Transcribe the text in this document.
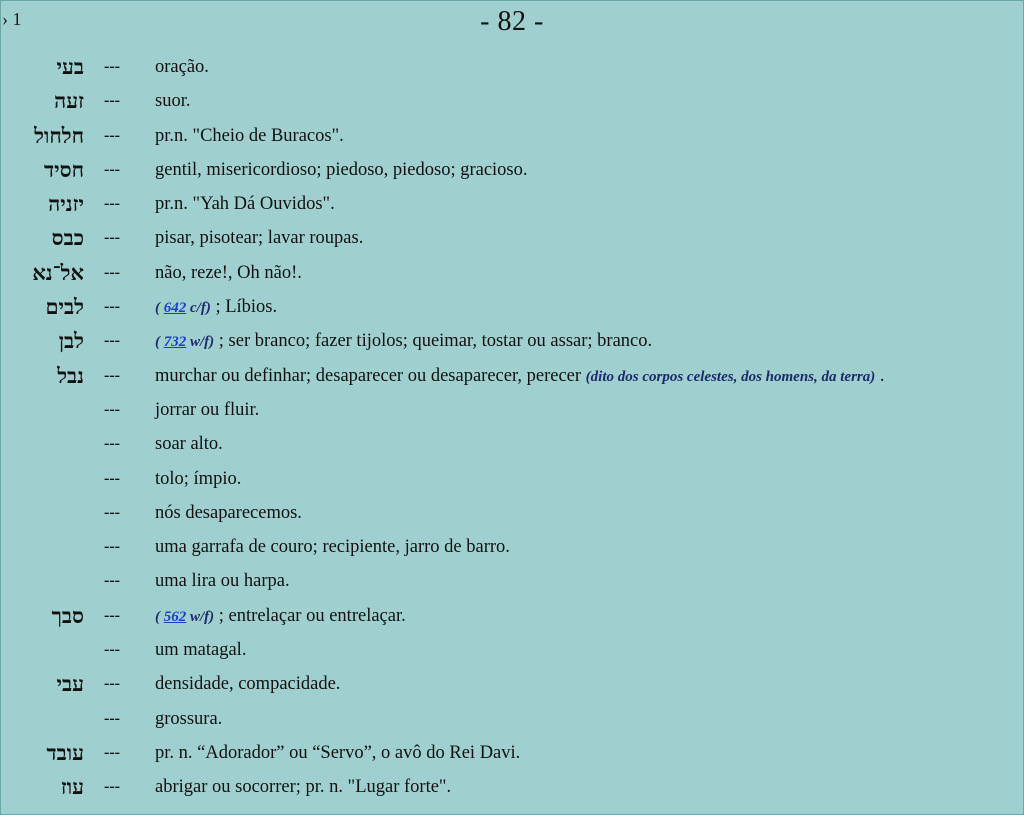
› 1	- 82 -
בעי --- oração.
זעה --- suor.
חלחול --- pr.n. "Cheio de Buracos".
חסיד --- gentil, misericordioso; piedoso, piedoso; gracioso.
יזניה --- pr.n. "Yah Dá Ouvidos".
כבס --- pisar, pisotear; lavar roupas.
אל־נא --- não, reze!, Oh não!.
לבים --- ( 642 c/f) ; Líbios.
לבן --- ( 732 w/f) ; ser branco; fazer tijolos; queimar, tostar ou assar; branco.
נבל --- murchar ou definhar; desaparecer ou desaparecer, perecer (dito dos corpos celestes, dos homens, da terra) .
--- jorrar ou fluir.
--- soar alto.
--- tolo; ímpio.
--- nós desaparecemos.
--- uma garrafa de couro; recipiente, jarro de barro.
--- uma lira ou harpa.
סבך --- ( 562 w/f) ; entrelaçar ou entrelaçar.
--- um matagal.
עבי --- densidade, compacidade.
--- grossura.
עובד --- pr. n. “Adorador” ou “Servo”, o avô do Rei Davi.
עוז --- abrigar ou socorrer; pr. n. "Lugar forte".
